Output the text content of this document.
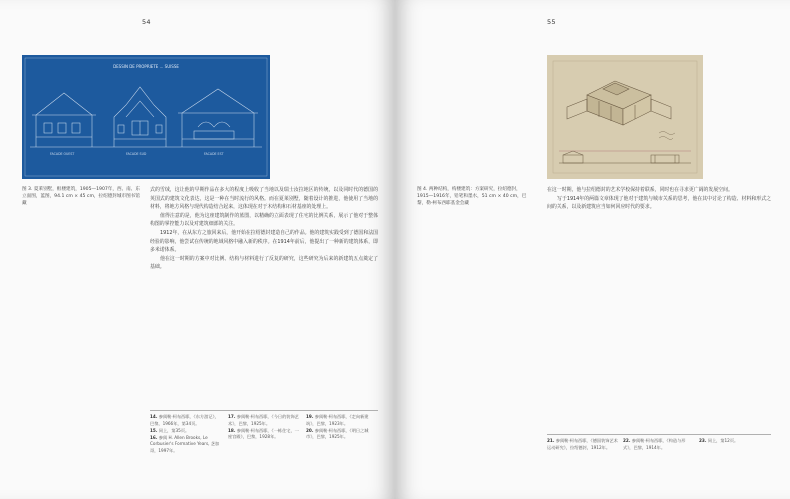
54
FACADE OUEST	FACADE SUD	FACADE EST
DESSIN DE PROPRIETE ... SUISSE
图 3. 夏莱别墅，框楼建筑，1905—1907年，西、南、东立面图，蓝图，94.1 cm × 45 cm，拉绍德封城市图书馆藏

式的雪绒，这让他的早期作品在多大的程度上吸收了当地以及瑞士汝拉地区的传统，以及同时代的德国的英国式的建筑文化表达，这是一种在当时流行的风格。而在夏莱别墅，随着设计的推进，他使用了当地的材料，将地方风格与现代构造结合起来，这体现在对于木结构和石材基座的处理上。

值得注意的是，他为这座建筑制作的蓝图，以精确的立面表现了住宅的比例关系，展示了他对于整体构图的掌控能力以及对建筑细部的关注。

1912年，在从东方之旅回来后，他开始在拉绍德封建造自己的作品。他的建筑实践受到了德国和法国经验的影响，他尝试在传统的地域风格中融入新的秩序。在1914年前后，他提出了一种新的建筑体系，即多米诺体系。

他在这一时期的方案中对比例、结构与材料进行了反复的研究，这些研究为后来的新建筑五点奠定了基础。

14. 参阅勒·柯布西耶，《东方游记》，巴黎，1966年，第34页。
15. 同上，第35页。
16. 参阅 H. Allen Brooks, Le Corbusier's Formative Years, 芝加哥，1997年。
17. 参阅勒·柯布西耶，《今日的装饰艺术》，巴黎，1925年。
18. 参阅勒·柯布西耶，《一栋住宅，一座宫殿》，巴黎，1928年。
19. 参阅勒·柯布西耶，《走向新建筑》，巴黎，1923年。
20. 参阅勒·柯布西耶，《明日之城市》，巴黎，1925年。
55
图 4. 两种结构，构楼建筑：方案研究，拉绍德封，1915—1916年，铅笔和墨水，51 cm × 40 cm，巴黎，勒·柯布西耶基金会藏

在这一时期，他与拉绍德封的艺术学校保持着联系，同时也在寻求更广阔的发展空间。

写于1914年的两篇文章体现了他对于建筑与城市关系的思考，他在其中讨论了构造、材料和形式之间的关系，以及新建筑应当如何回应时代的要求。

21. 参阅勒·柯布西耶，《德国装饰艺术运动研究》，拉绍德封，1912年。
22. 参阅勒·柯布西耶，《构造与形式》，巴黎，1914年。
23. 同上，第12页。
